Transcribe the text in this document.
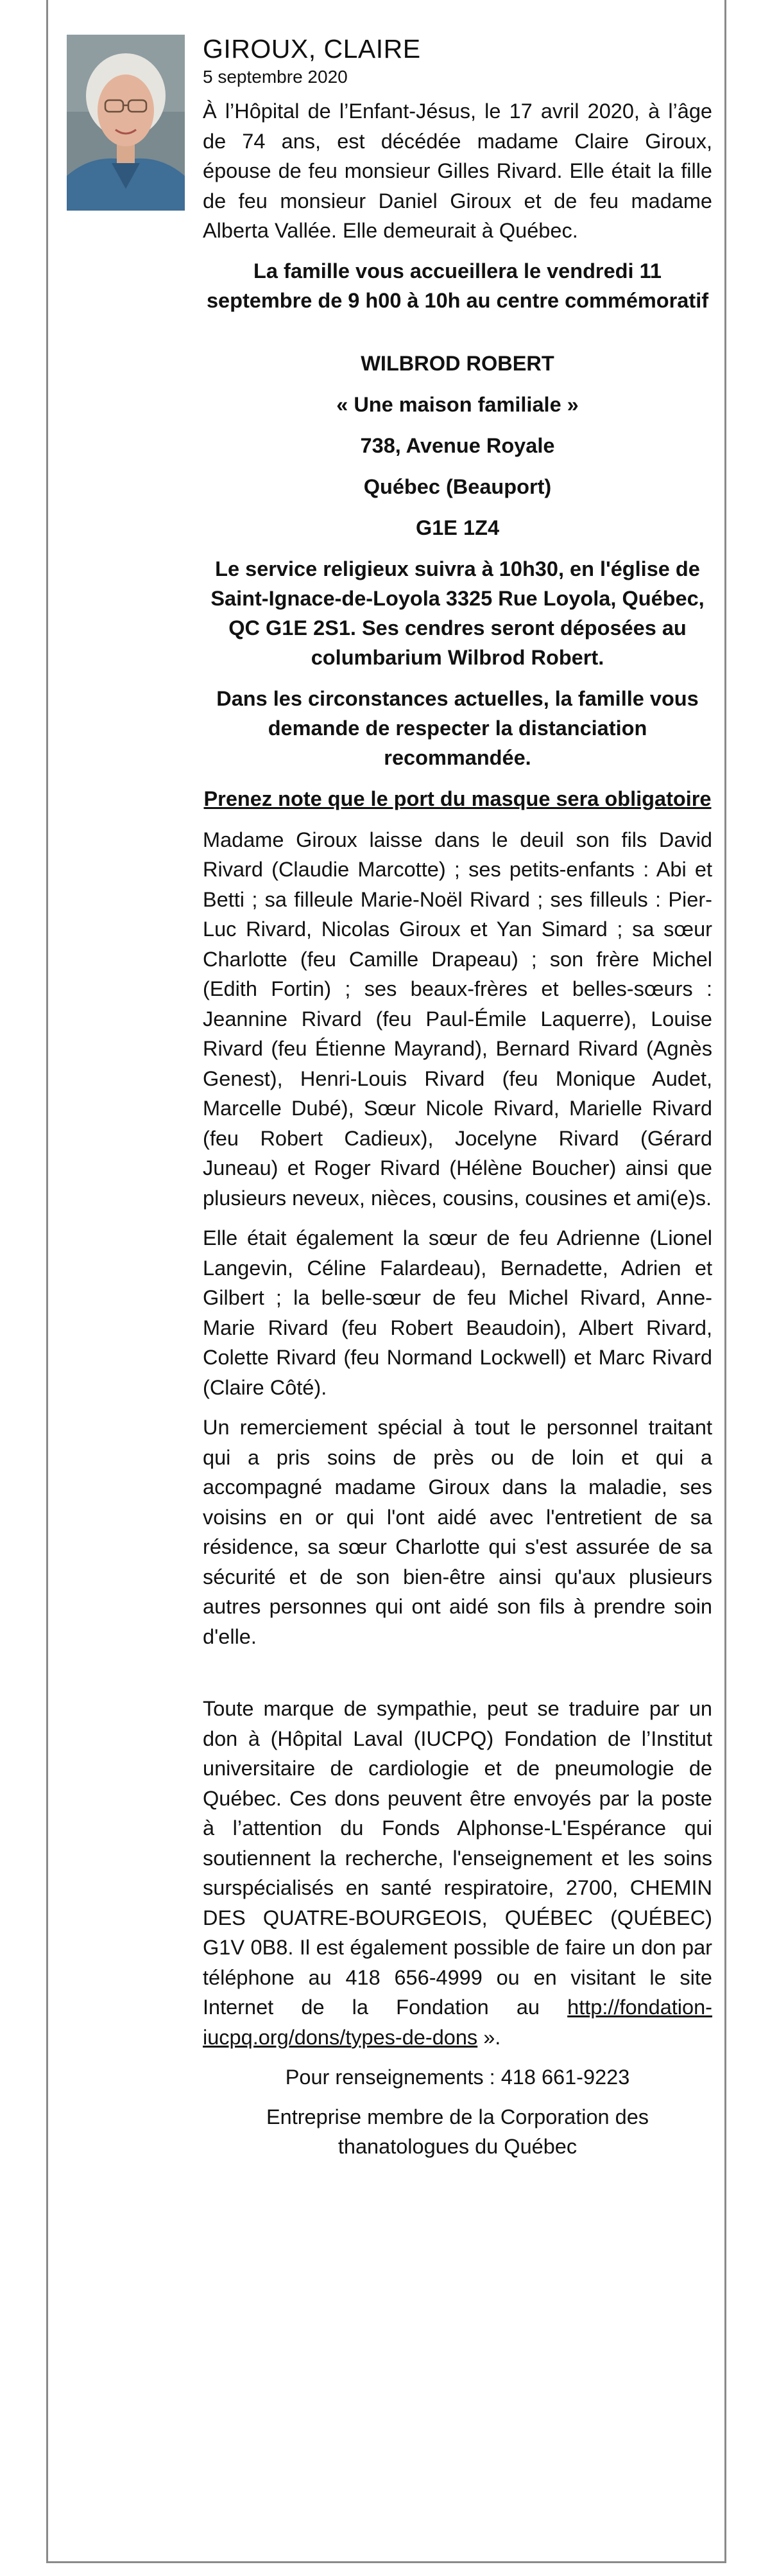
GIROUX, CLAIRE
5 septembre 2020

À l’Hôpital de l’Enfant-Jésus, le 17 avril 2020, à l’âge de 74 ans, est décédée madame Claire Giroux, épouse de feu monsieur Gilles Rivard. Elle était la fille de feu monsieur Daniel Giroux et de feu madame Alberta Vallée. Elle demeurait à Québec.

La famille vous accueillera le vendredi 11 septembre de 9 h00 à 10h au centre commémoratif

WILBROD ROBERT

« Une maison familiale »

738, Avenue Royale

Québec (Beauport)

G1E 1Z4

Le service religieux suivra à 10h30, en l'église de Saint-Ignace-de-Loyola 3325 Rue Loyola, Québec, QC G1E 2S1. Ses cendres seront déposées au columbarium Wilbrod Robert.

Dans les circonstances actuelles, la famille vous demande de respecter la distanciation recommandée.

Prenez note que le port du masque sera obligatoire

Madame Giroux laisse dans le deuil son fils David Rivard (Claudie Marcotte) ; ses petits-enfants : Abi et Betti ; sa filleule Marie-Noël Rivard ; ses filleuls : Pier-Luc Rivard, Nicolas Giroux et Yan Simard ; sa sœur Charlotte (feu Camille Drapeau) ; son frère Michel (Edith Fortin) ; ses beaux-frères et belles-sœurs : Jeannine Rivard (feu Paul-Émile Laquerre), Louise Rivard (feu Étienne Mayrand), Bernard Rivard (Agnès Genest), Henri-Louis Rivard (feu Monique Audet, Marcelle Dubé), Sœur Nicole Rivard, Marielle Rivard (feu Robert Cadieux), Jocelyne Rivard (Gérard Juneau) et Roger Rivard (Hélène Boucher) ainsi que plusieurs neveux, nièces, cousins, cousines et ami(e)s.

Elle était également la sœur de feu Adrienne (Lionel Langevin, Céline Falardeau), Bernadette, Adrien et Gilbert ; la belle-sœur de feu Michel Rivard, Anne-Marie Rivard (feu Robert Beaudoin), Albert Rivard, Colette Rivard (feu Normand Lockwell) et Marc Rivard (Claire Côté).

Un remerciement spécial à tout le personnel traitant qui a pris soins de près ou de loin et qui a accompagné madame Giroux dans la maladie, ses voisins en or qui l'ont aidé avec l'entretient de sa résidence, sa sœur Charlotte qui s'est assurée de sa sécurité et de son bien-être ainsi qu'aux plusieurs autres personnes qui ont aidé son fils à prendre soin d'elle.

Toute marque de sympathie, peut se traduire par un don à (Hôpital Laval (IUCPQ) Fondation de l’Institut universitaire de cardiologie et de pneumologie de Québec. Ces dons peuvent être envoyés par la poste à l’attention du Fonds Alphonse-L'Espérance qui soutiennent la recherche, l'enseignement et les soins surspécialisés en santé respiratoire, 2700, CHEMIN DES QUATRE-BOURGEOIS, QUÉBEC (QUÉBEC) G1V 0B8. Il est également possible de faire un don par téléphone au 418 656-4999 ou en visitant le site Internet de la Fondation au http://fondation-iucpq.org/dons/types-de-dons ».

Pour renseignements : 418 661-9223

Entreprise membre de la Corporation des thanatologues du Québec
